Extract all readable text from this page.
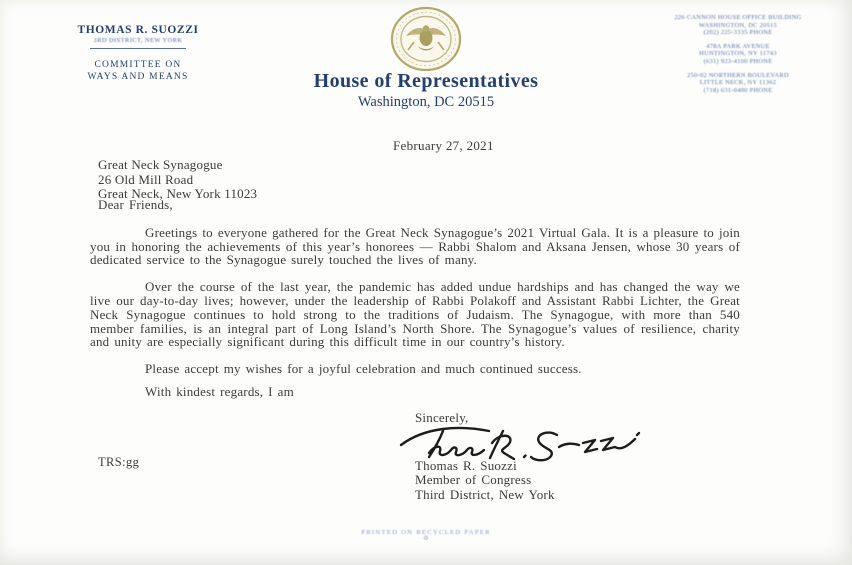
THOMAS R. SUOZZI
3RD DISTRICT, NEW YORK
COMMITTEE ON
WAYS AND MEANS	House of Representatives
Washington, DC 20515
226 CANNON HOUSE OFFICE BUILDING
WASHINGTON, DC 20515
(202) 225-3335 PHONE
478A PARK AVENUE
HUNTINGTON, NY 11743
(631) 923-4100 PHONE
250-02 NORTHERN BOULEVARD
LITTLE NECK, NY 11362
(718) 631-0400 PHONE
February 27, 2021
Great Neck Synagogue
26 Old Mill Road
Great Neck, New York 11023

Dear Friends,

Greetings to everyone gathered for the Great Neck Synagogue’s 2021 Virtual Gala. It is a pleasure to join you in honoring the achievements of this year’s honorees — Rabbi Shalom and Aksana Jensen, whose 30 years of dedicated service to the Synagogue surely touched the lives of many.

Over the course of the last year, the pandemic has added undue hardships and has changed the way we live our day-to-day lives; however, under the leadership of Rabbi Polakoff and Assistant Rabbi Lichter, the Great Neck Synagogue continues to hold strong to the traditions of Judaism. The Synagogue, with more than 540 member families, is an integral part of Long Island’s North Shore. The Synagogue’s values of resilience, charity and unity are especially significant during this difficult time in our country’s history.

Please accept my wishes for a joyful celebration and much continued success.

With kindest regards, I am

Sincerely,

Thomas R. Suozzi
Member of Congress
Third District, New York
TRS:gg
PRINTED ON RECYCLED PAPER
♻
